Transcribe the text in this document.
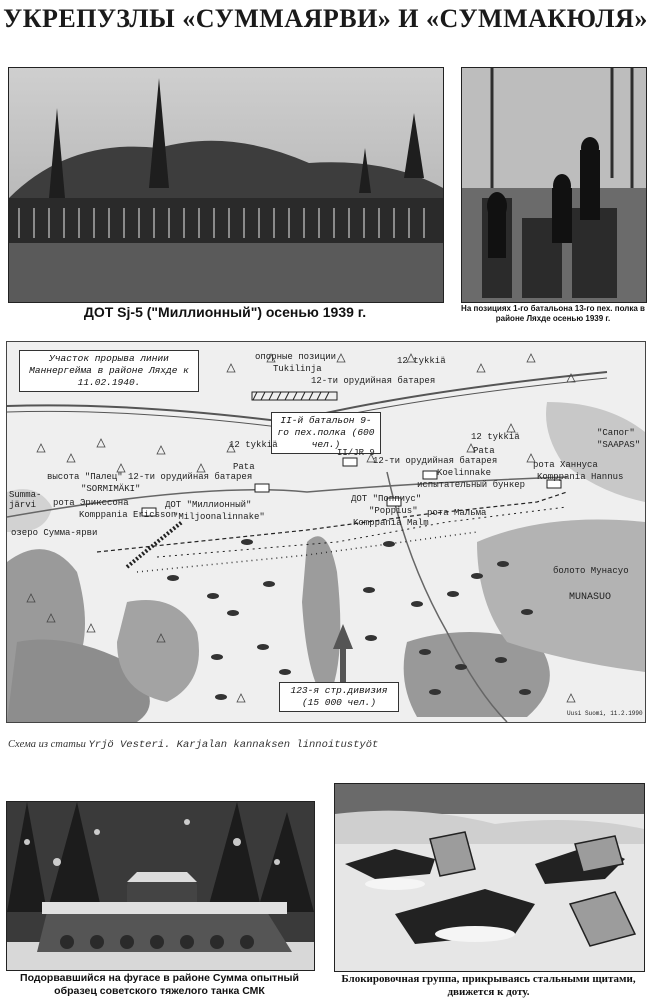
УКРЕПУЗЛЫ «СУММАЯРВИ» И «СУММАКЮЛЯ»
ДОТ Sj-5 ("Миллионный") осенью 1939 г.	На позициях 1-го батальона 13-го пех. полка в районе Ляхде осенью 1939 г.
Участок прорыва линии Маннергейма в районе Ляхде к 11.02.1940.
II-й батальон 9-го пех.полка (600 чел.)
123-я стр.дивизия (15 000 чел.)
опорные позиции
Tukilinja
12 tykkiä
12-ти орудийная батарея
12 tykkiä
Pata
12 tykkiä
Pata
II/JR 9
высота "Палец" 12-ти орудийная батарея
"SORMIMÄKI"
12-ти орудийная батарея
Koelinnake
испытательный бункер
рота Эрикссона
Komppania Ericsson
ДОТ "Миллионный"
"Miljoonalinnake"
ДОТ "Поппиус"
"Poppius"
Komppania Malm
рота Мальма
рота Ханнуса
Komppania Hannus
"Сапог"
"SAAPAS"
Summa-järvi
озеро Сумма-ярви
болото Мунасуо
MUNASUO
Uusi Suomi, 11.2.1990
Схема из статьи Yrjö Vesteri. Karjalan kannaksen linnoitustyöt
Подорвавшийся на фугасе в районе Сумма опытный образец советского тяжелого танка СМК
Блокировочная группа, прикрываясь стальными щитами, движется к доту.
